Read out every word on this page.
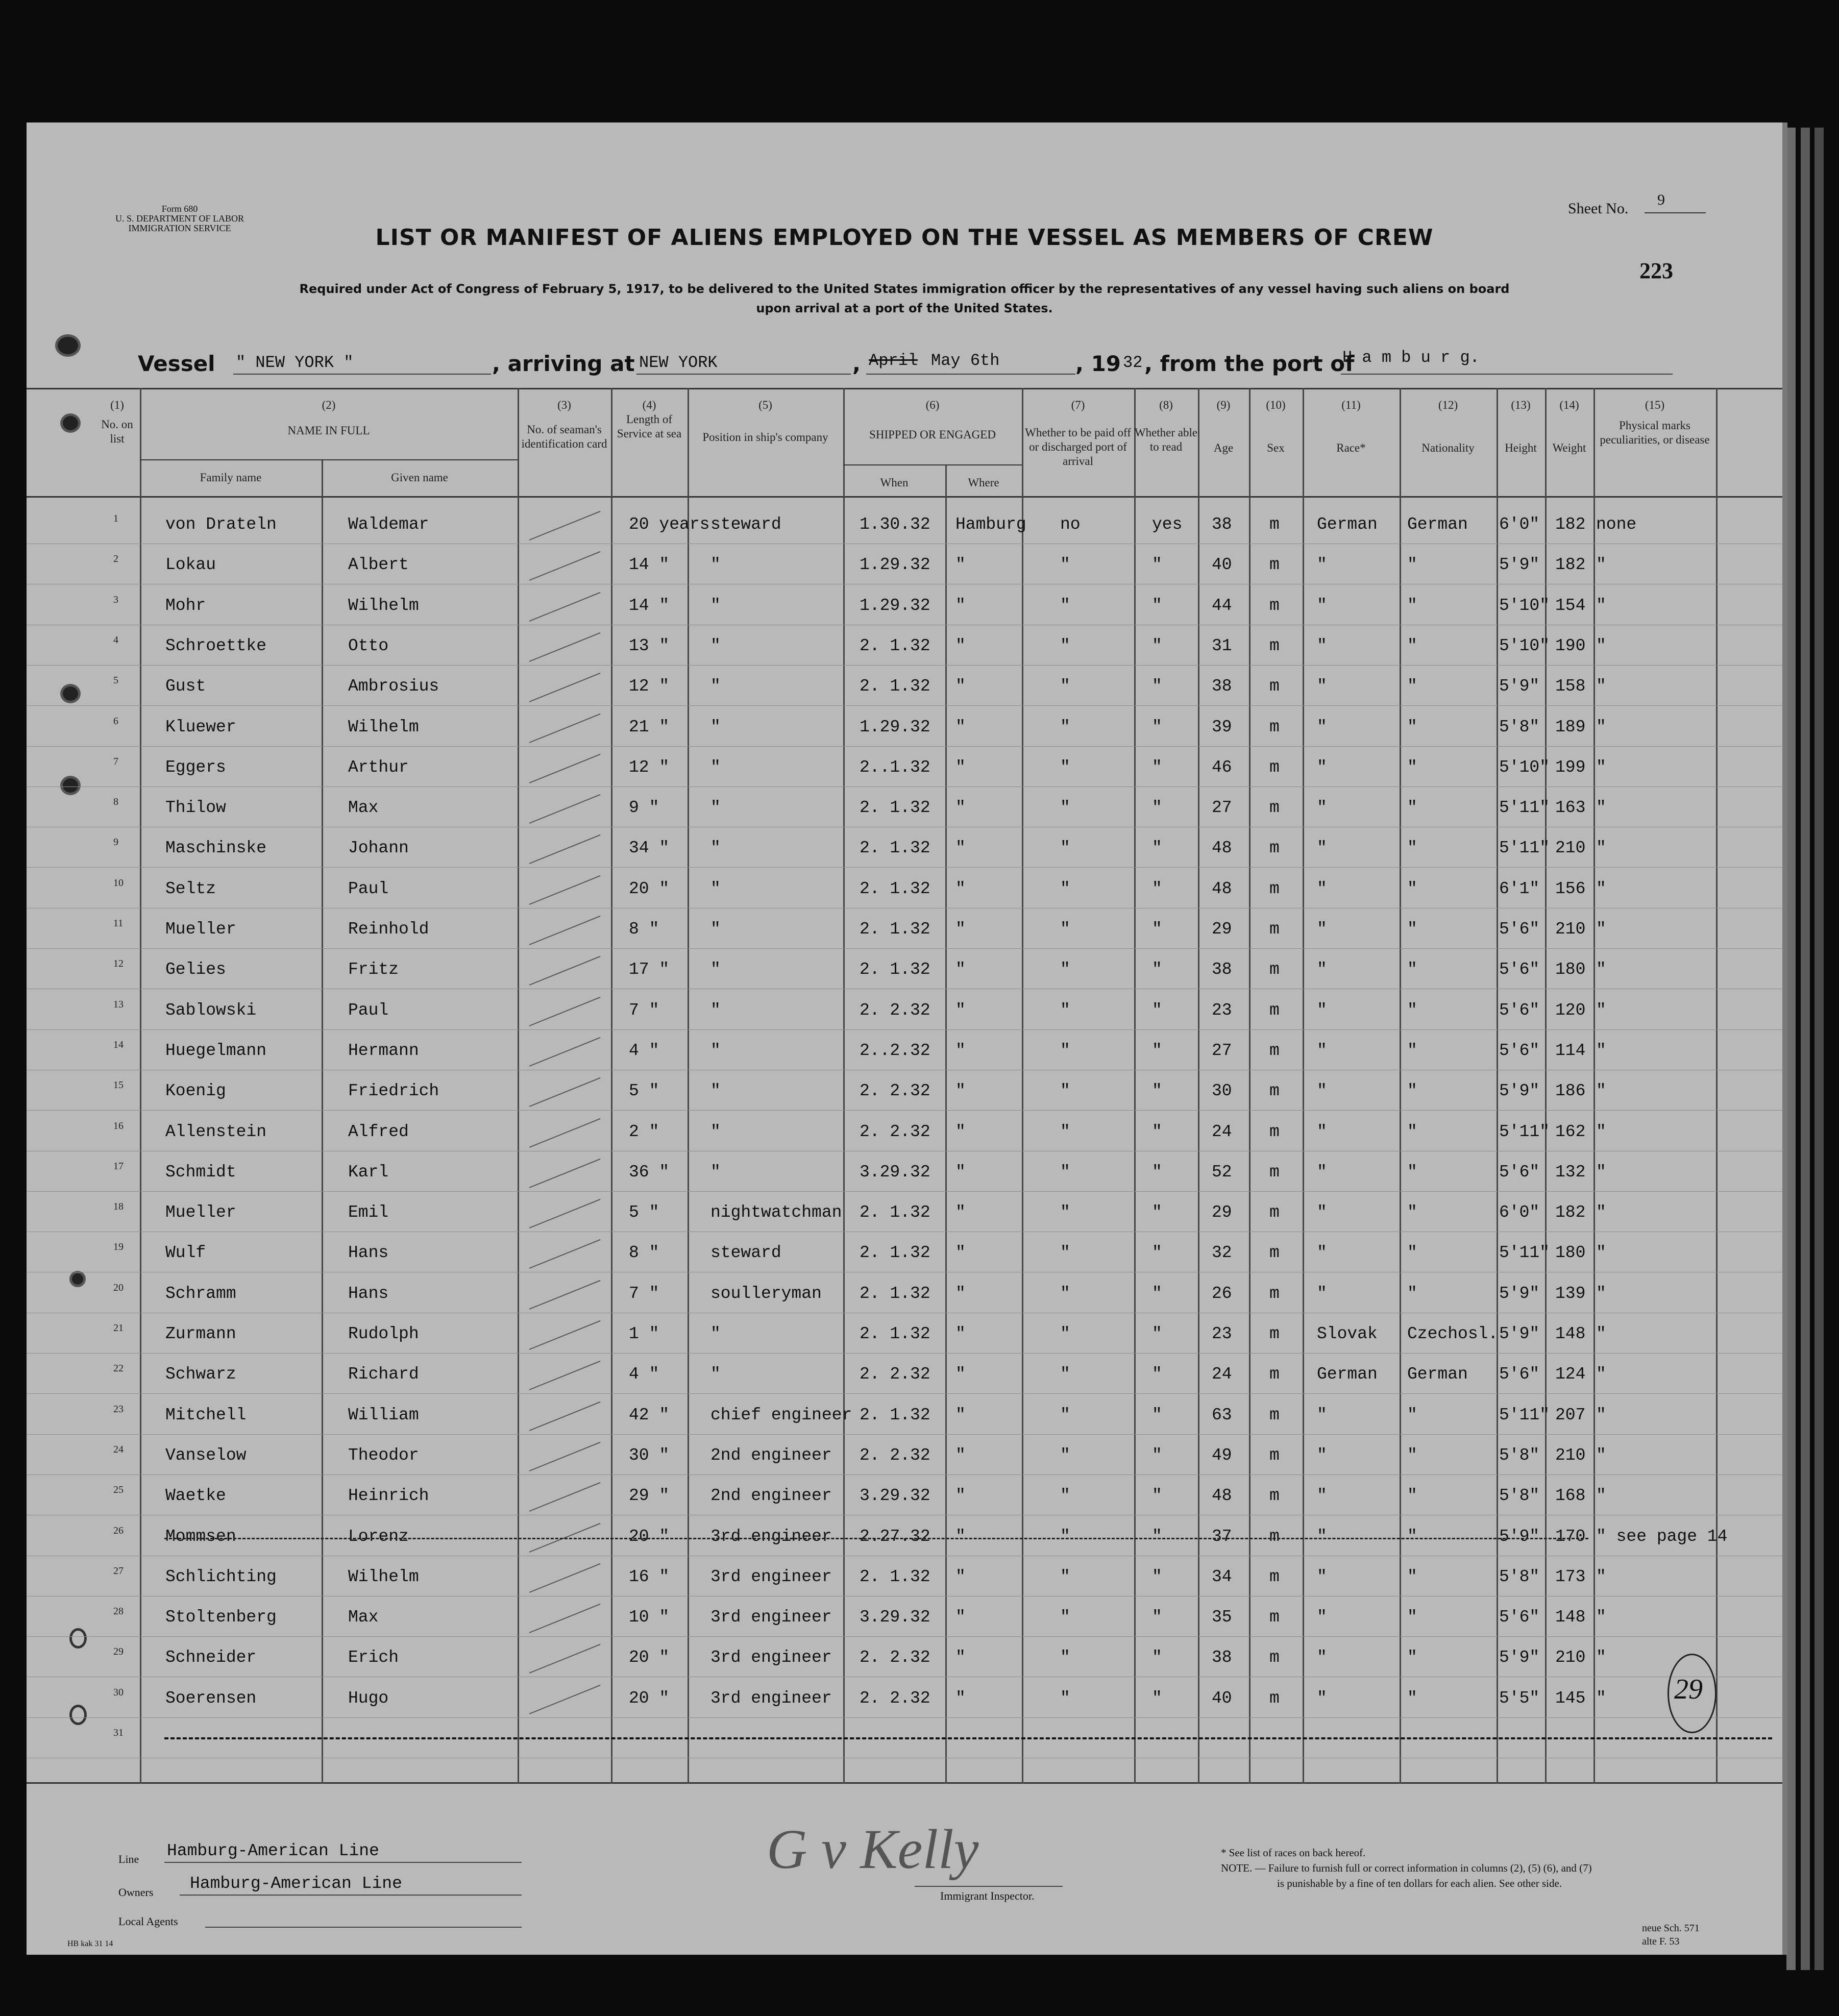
Form 680
U. S. DEPARTMENT OF LABOR
IMMIGRATION SERVICE
Sheet No.
9
223
LIST OR MANIFEST OF ALIENS EMPLOYED ON THE VESSEL AS MEMBERS OF CREW
Required under Act of Congress of February 5, 1917, to be delivered to the United States immigration officer by the representatives of any vessel having such aliens on board
upon arrival at a port of the United States.
Vessel " NEW YORK "	, arriving at NEW YORK	, April May 6th	, 19 32 , from the port of
H a m b u r g.
(1)
No. on list
(2)
NAME IN FULL
Family name	Given name
(3)
No. of seaman's identification card
(4)
Length of Service at sea
(5)
Position in ship's company
(6)
SHIPPED OR ENGAGED
When	Where
(7)
Whether to be paid off or discharged port of arrival
(8)
Whether able to read
(9)
Age
(10)
Sex
(11)
Race*
(12)
Nationality
(13)
Height
(14)
Weight
(15)
Physical marks peculiarities, or disease
1	von Drateln	Waldemar	20 years steward	1.30.32 Hamburg no	yes 38 m German German 6'0" 182 none
2	Lokau	Albert	14 " "	1.29.32 "	"	"	40 m "	"	5'9" 182 "
3	Mohr	Wilhelm	14 " "	1.29.32 "	"	"	44 m "	"	5'10" 154 "
4	Schroettke	Otto	13 " "	2. 1.32 "	"	"	31 m "	"	5'10" 190 "
5	Gust	Ambrosius	12 " "	2. 1.32 "	"	"	38 m "	"	5'9" 158 "
6	Kluewer	Wilhelm	21 " "	1.29.32 "	"	"	39 m "	"	5'8" 189 "
7	Eggers	Arthur	12 " "	2..1.32 "	"	"	46 m "	"	5'10" 199 "
8	Thilow	Max	9 "	"	2. 1.32 "	"	"	27 m "	"	5'11" 163 "
9	Maschinske	Johann	34 " "	2. 1.32 "	"	"	48 m "	"	5'11" 210 "
10 Seltz	Paul	20 " "	2. 1.32 "	"	"	48 m "	"	6'1" 156 "
11	Mueller	Reinhold	8 "	"	2. 1.32 "	"	"	29 m "	"	5'6" 210 "
12 Gelies	Fritz	17 " "	2. 1.32 "	"	"	38 m "	"	5'6" 180 "
13 Sablowski	Paul	7 "	"	2. 2.32 "	"	"	23 m "	"	5'6" 120 "
14 Huegelmann	Hermann	4 "	"	2..2.32 "	"	"	27 m "	"	5'6" 114 "
15 Koenig	Friedrich	5 "	"	2. 2.32 "	"	"	30 m "	"	5'9" 186 "
16 Allenstein	Alfred	2 "	"	2. 2.32 "	"	"	24 m "	"	5'11" 162 "
17 Schmidt	Karl	36 " "	3.29.32 "	"	"	52 m "	"	5'6" 132 "
18 Mueller	Emil	5 "	nightwatchman 2. 1.32 "	"	"	29 m "	"	6'0" 182 "
19 Wulf	Hans	8 "	steward	2. 1.32 "	"	"	32 m "	"	5'11" 180 "
20 Schramm	Hans	7 "	soulleryman 2. 1.32 "	"	"	26 m "	"	5'9" 139 "
21 Zurmann	Rudolph	1 "	"	2. 1.32 "	"	"	23 m Slovak Czechosl. 5'9" 148 "
22 Schwarz	Richard	4 "	"	2. 2.32 "	"	"	24 m German German 5'6" 124 "
23 Mitchell	William	42 " chief engineer 2. 1.32 "	"	"	63 m "	"	5'11" 207 "
24 Vanselow	Theodor	30 " 2nd engineer 2. 2.32 "	"	"	49 m "	"	5'8" 210 "
25 Waetke	Heinrich	29 " 2nd engineer 3.29.32 "	"	"	48 m "	"	5'8" 168 "
26 Mommsen	Lorenz	20 " 3rd engineer 2.27.32 "	"	"	37 m "	"	5'9" 170 " see page 14
27 Schlichting	Wilhelm	16 " 3rd engineer 2. 1.32 "	"	"	34 m "	"	5'8" 173 "
28 Stoltenberg	Max	10 " 3rd engineer 3.29.32 "	"	"	35 m "	"	5'6" 148 "
29 Schneider	Erich	20 " 3rd engineer 2. 2.32 "	"	"	38 m "	"	5'9" 210 "
30 Soerensen	Hugo	20 " 3rd engineer 2. 2.32 "	"	"	40 m "	"	5'5" 145 "
31
29
Line Hamburg-American Line
Owners Hamburg-American Line
Local Agents
G v Kelly
Immigrant Inspector.
* See list of races on back hereof.
NOTE. — Failure to furnish full or correct information in columns (2), (5) (6), and (7)
is punishable by a fine of ten dollars for each alien. See other side.
HB kak 31 14
neue Sch. 571
alte F. 53
